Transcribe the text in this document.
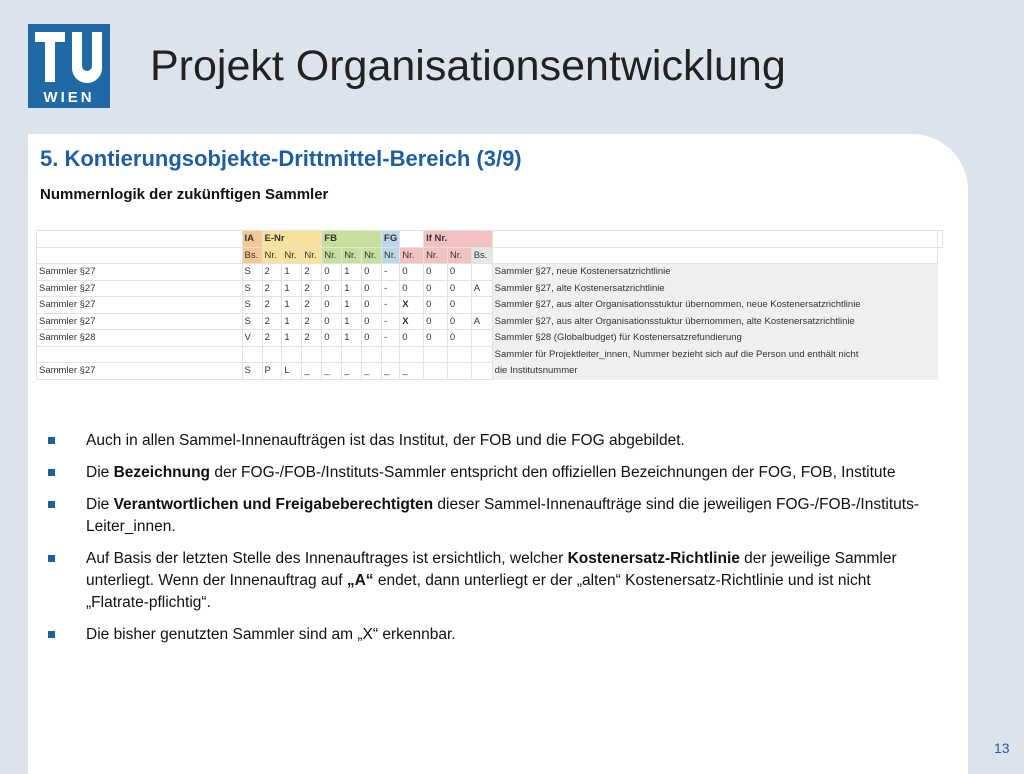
WIEN
Projekt Organisationsentwicklung
5. Kontierungsobjekte-Drittmittel-Bereich (3/9)
Nummernlogik der zukünftigen Sammler
	IA	E-Nr			FB			FG		lf Nr.				
	Bs.	Nr.	Nr.	Nr.	Nr.	Nr.	Nr.	Nr.	Nr.	Nr.	Nr.	Bs.		
Sammler §27	S	2	1	2	0	1	0	-	0	0	0		Sammler §27, neue Kostenersatzrichtlinie	
Sammler §27	S	2	1	2	0	1	0	-	0	0	0	A	Sammler §27, alte Kostenersatzrichtlinie	
Sammler §27	S	2	1	2	0	1	0	-	X	0	0		Sammler §27, aus alter Organisationsstuktur übernommen, neue Kostenersatzrichtlinie	
Sammler §27	S	2	1	2	0	1	0	-	X	0	0	A	Sammler §27, aus alter Organisationsstuktur übernommen, alte Kostenersatzrichtlinie	
Sammler §28	V	2	1	2	0	1	0	-	0	0	0		Sammler §28 (Globalbudget) für Kostenersatzrefundierung	
													Sammler für Projektleiter_innen, Nummer bezieht sich auf die Person und enthält nicht	
Sammler §27	S	P	L	_	_	_	_	_	_				die Institutsnummer	
Auch in allen Sammel-Innenaufträgen ist das Institut, der FOB und die FOG abgebildet.
Die Bezeichnung der FOG-/FOB-/Instituts-Sammler entspricht den offiziellen Bezeichnungen der FOG, FOB, Institute
Die Verantwortlichen und Freigabeberechtigten dieser Sammel-Innenaufträge sind die jeweiligen FOG-/FOB-/Instituts-Leiter_innen.
Auf Basis der letzten Stelle des Innenauftrages ist ersichtlich, welcher Kostenersatz-Richtlinie der jeweilige Sammler unterliegt. Wenn der Innenauftrag auf „A“ endet, dann unterliegt er der „alten“ Kostenersatz-Richtlinie und ist nicht „Flatrate-pflichtig“.
Die bisher genutzten Sammler sind am „X“ erkennbar.
13
